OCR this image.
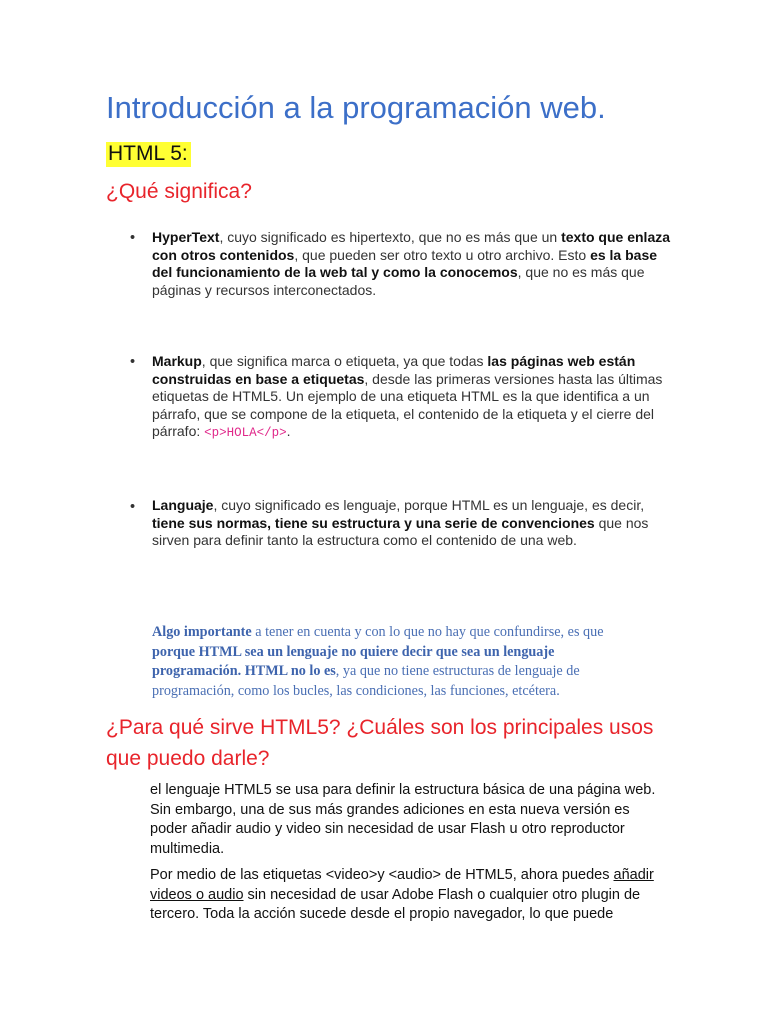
Introducción a la programación web.
HTML 5:
¿Qué significa?
• HyperText, cuyo significado es hipertexto, que no es más que un texto que enlaza con otros contenidos, que pueden ser otro texto u otro archivo. Esto es la base del funcionamiento de la web tal y como la conocemos, que no es más que páginas y recursos interconectados.

• Markup, que significa marca o etiqueta, ya que todas las páginas web están construidas en base a etiquetas, desde las primeras versiones hasta las últimas etiquetas de HTML5. Un ejemplo de una etiqueta HTML es la que identifica a un párrafo, que se compone de la etiqueta, el contenido de la etiqueta y el cierre del párrafo: <p>HOLA</p>.

• Languaje, cuyo significado es lenguaje, porque HTML es un lenguaje, es decir, tiene sus normas, tiene su estructura y una serie de convenciones que nos sirven para definir tanto la estructura como el contenido de una web.

Algo importante a tener en cuenta y con lo que no hay que confundirse, es que porque HTML sea un lenguaje no quiere decir que sea un lenguaje programación. HTML no lo es, ya que no tiene estructuras de lenguaje de programación, como los bucles, las condiciones, las funciones, etcétera.

¿Para qué sirve HTML5? ¿Cuáles son los principales usos que puedo darle?

el lenguaje HTML5 se usa para definir la estructura básica de una página web. Sin embargo, una de sus más grandes adiciones en esta nueva versión es poder añadir audio y video sin necesidad de usar Flash u otro reproductor multimedia.

Por medio de las etiquetas <video>y <audio> de HTML5, ahora puedes añadir videos o audio sin necesidad de usar Adobe Flash o cualquier otro plugin de tercero. Toda la acción sucede desde el propio navegador, lo que puede
